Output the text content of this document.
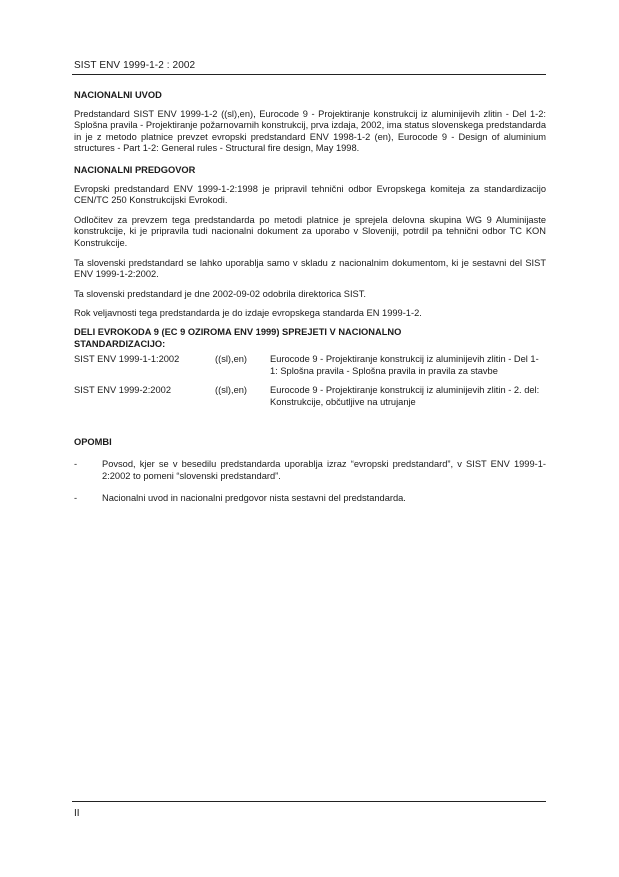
SIST ENV 1999-1-2 : 2002
NACIONALNI UVOD
Predstandard SIST ENV 1999-1-2 ((sl),en), Eurocode 9 - Projektiranje konstrukcij iz aluminijevih zlitin - Del 1-2: Splošna pravila - Projektiranje požarnovarnih konstrukcij, prva izdaja, 2002, ima status slovenskega predstandarda in je z metodo platnice prevzet evropski predstandard ENV 1998-1-2 (en), Eurocode 9 - Design of aluminium structures - Part 1-2: General rules - Structural fire design, May 1998.
NACIONALNI PREDGOVOR
Evropski predstandard ENV 1999-1-2:1998 je pripravil tehnični odbor Evropskega komiteja za standardizacijo CEN/TC 250 Konstrukcijski Evrokodi.
Odločitev za prevzem tega predstandarda po metodi platnice je sprejela delovna skupina WG 9 Aluminijaste konstrukcije, ki je pripravila tudi nacionalni dokument za uporabo v Sloveniji, potrdil pa tehnični odbor TC KON Konstrukcije.
Ta slovenski predstandard se lahko uporablja samo v skladu z nacionalnim dokumentom, ki je sestavni del SIST ENV 1999-1-2:2002.
Ta slovenski predstandard je dne 2002-09-02 odobrila direktorica SIST.
Rok veljavnosti tega predstandarda je do izdaje evropskega standarda EN 1999-1-2.
DELI EVROKODA 9 (EC 9 OZIROMA ENV 1999) SPREJETI V NACIONALNO
STANDARDIZACIJO:
SIST ENV 1999-1-1:2002	((sl),en)	Eurocode 9 - Projektiranje konstrukcij iz aluminijevih zlitin - Del 1-1: Splošna pravila - Splošna pravila in pravila za stavbe
SIST ENV 1999-2:2002	((sl),en)	Eurocode 9 - Projektiranje konstrukcij iz aluminijevih zlitin - 2. del: Konstrukcije, občutljive na utrujanje
OPOMBI
-	Povsod, kjer se v besedilu predstandarda uporablja izraz “evropski predstandard”, v SIST ENV 1999-1-2:2002 to pomeni “slovenski predstandard”.
-	Nacionalni uvod in nacionalni predgovor nista sestavni del predstandarda.
II
